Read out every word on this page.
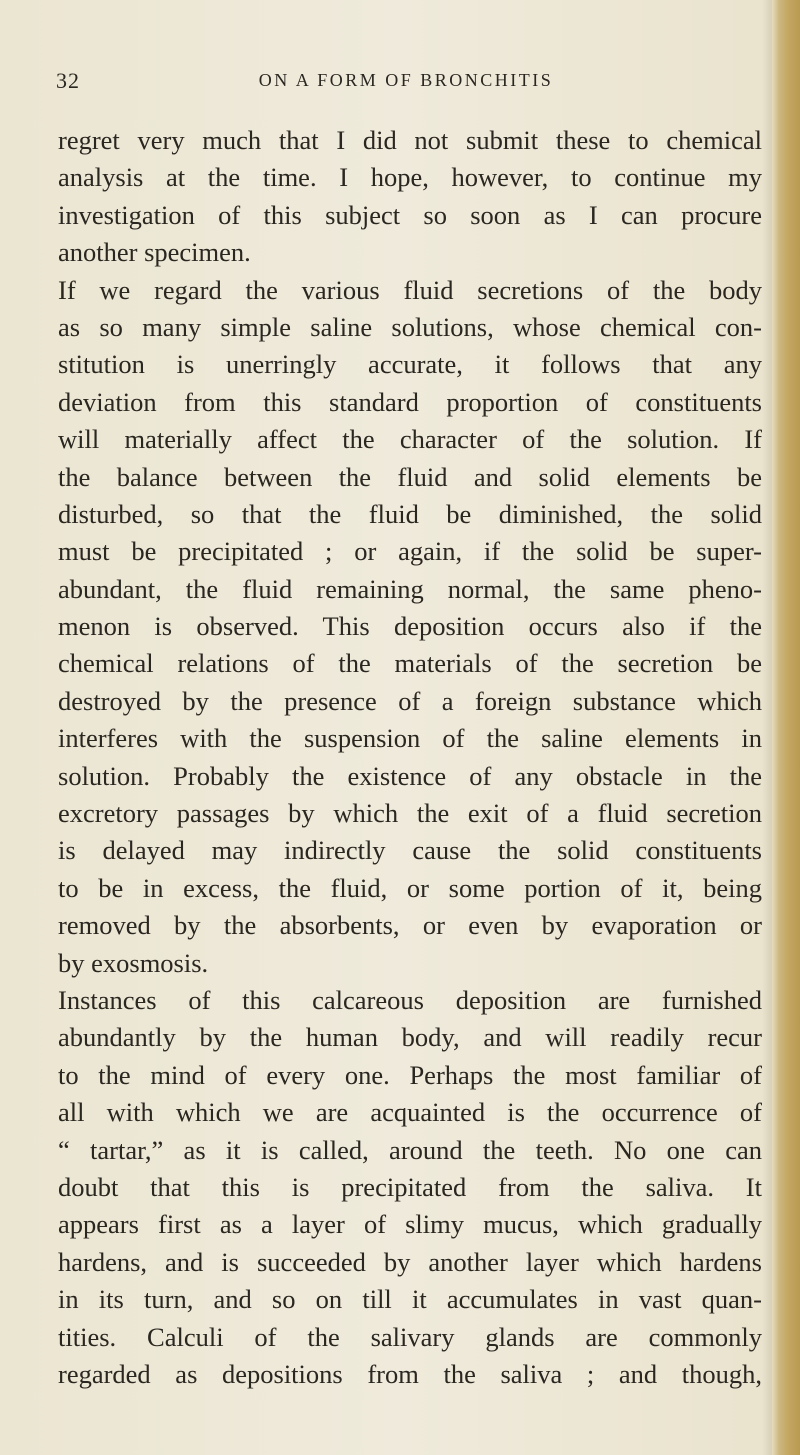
32	ON A FORM OF BRONCHITIS
regret very much that I did not submit these to chemical
analysis at the time. I hope, however, to continue my
investigation of this subject so soon as I can procure
another specimen.
If we regard the various fluid secretions of the body
as so many simple saline solutions, whose chemical con-
stitution is unerringly accurate, it follows that any
deviation from this standard proportion of constituents
will materially affect the character of the solution. If
the balance between the fluid and solid elements be
disturbed, so that the fluid be diminished, the solid
must be precipitated ; or again, if the solid be super-
abundant, the fluid remaining normal, the same pheno-
menon is observed. This deposition occurs also if the
chemical relations of the materials of the secretion be
destroyed by the presence of a foreign substance which
interferes with the suspension of the saline elements in
solution. Probably the existence of any obstacle in the
excretory passages by which the exit of a fluid secretion
is delayed may indirectly cause the solid constituents
to be in excess, the fluid, or some portion of it, being
removed by the absorbents, or even by evaporation or
by exosmosis.
Instances of this calcareous deposition are furnished
abundantly by the human body, and will readily recur
to the mind of every one. Perhaps the most familiar of
all with which we are acquainted is the occurrence of
“ tartar,” as it is called, around the teeth. No one can
doubt that this is precipitated from the saliva. It
appears first as a layer of slimy mucus, which gradually
hardens, and is succeeded by another layer which hardens
in its turn, and so on till it accumulates in vast quan-
tities. Calculi of the salivary glands are commonly
regarded as depositions from the saliva ; and though,
